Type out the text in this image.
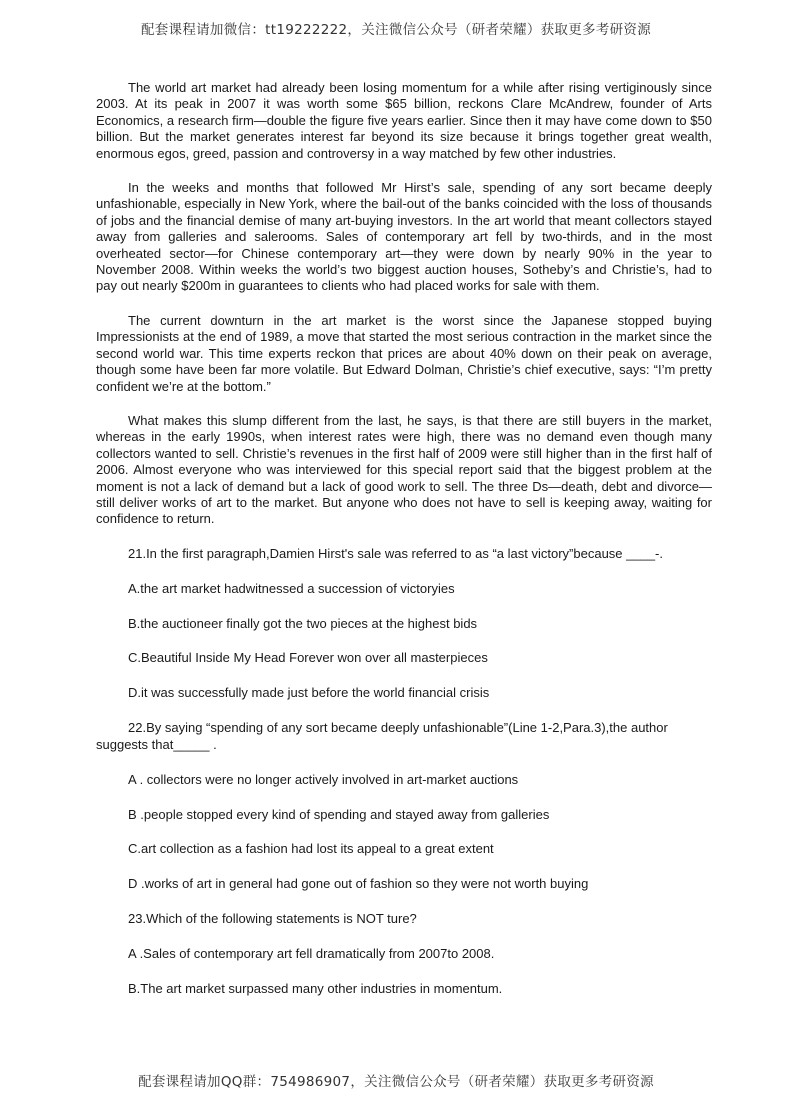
配套课程请加微信：tt19222222，关注微信公众号（研者荣耀）获取更多考研资源

The world art market had already been losing momentum for a while after rising vertiginously since 2003. At its peak in 2007 it was worth some $65 billion, reckons Clare McAndrew, founder of Arts Economics, a research firm—double the figure five years earlier. Since then it may have come down to $50 billion. But the market generates interest far beyond its size because it brings together great wealth, enormous egos, greed, passion and controversy in a way matched by few other industries.

In the weeks and months that followed Mr Hirst’s sale, spending of any sort became deeply unfashionable, especially in New York, where the bail-out of the banks coincided with the loss of thousands of jobs and the financial demise of many art-buying investors. In the art world that meant collectors stayed away from galleries and salerooms. Sales of contemporary art fell by two-thirds, and in the most overheated sector—for Chinese contemporary art—they were down by nearly 90% in the year to November 2008. Within weeks the world’s two biggest auction houses, Sotheby’s and Christie’s, had to pay out nearly $200m in guarantees to clients who had placed works for sale with them.

The current downturn in the art market is the worst since the Japanese stopped buying Impressionists at the end of 1989, a move that started the most serious contraction in the market since the second world war. This time experts reckon that prices are about 40% down on their peak on average, though some have been far more volatile. But Edward Dolman, Christie’s chief executive, says: “I’m pretty confident we’re at the bottom.”

What makes this slump different from the last, he says, is that there are still buyers in the market, whereas in the early 1990s, when interest rates were high, there was no demand even though many collectors wanted to sell. Christie’s revenues in the first half of 2009 were still higher than in the first half of 2006. Almost everyone who was interviewed for this special report said that the biggest problem at the moment is not a lack of demand but a lack of good work to sell. The three Ds—death, debt and divorce—still deliver works of art to the market. But anyone who does not have to sell is keeping away, waiting for confidence to return.

21.In the first paragraph,Damien Hirst's sale was referred to as “a last victory”because ____-.

A.the art market hadwitnessed a succession of victoryies

B.the auctioneer finally got the two pieces at the highest bids

C.Beautiful Inside My Head Forever won over all masterpieces

D.it was successfully made just before the world financial crisis

22.By saying “spending of any sort became deeply unfashionable”(Line 1-2,Para.3),the author suggests that_____ .

A . collectors were no longer actively involved in art-market auctions

B .people stopped every kind of spending and stayed away from galleries

C.art collection as a fashion had lost its appeal to a great extent

D .works of art in general had gone out of fashion so they were not worth buying

23.Which of the following statements is NOT ture?

A .Sales of contemporary art fell dramatically from 2007to 2008.

B.The art market surpassed many other industries in momentum.

配套课程请加QQ群：754986907，关注微信公众号（研者荣耀）获取更多考研资源
